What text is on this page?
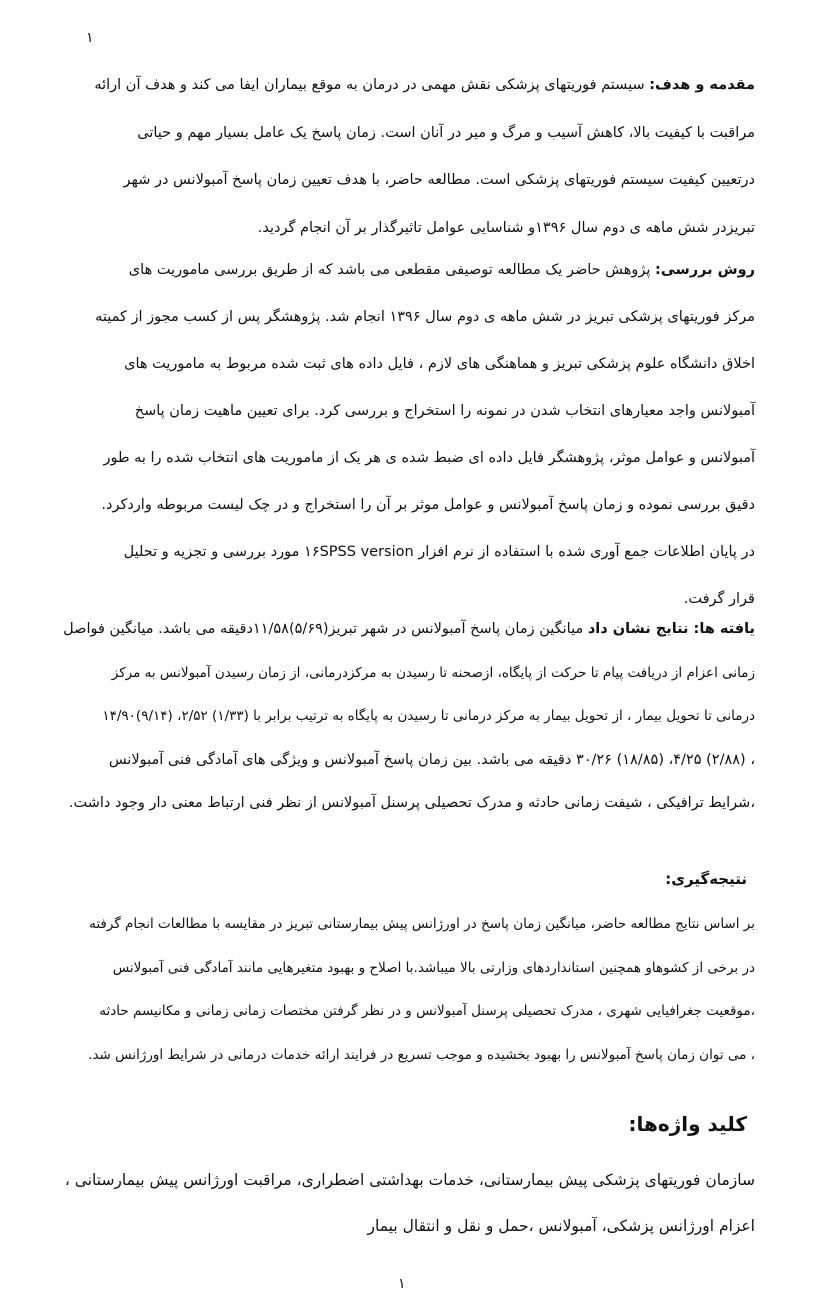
۱
مقدمه و هدف: سیستم فوریتهای پزشکی نقش مهمی در درمان به موقع بیماران ایفا می کند و هدف آن ارائه
مراقبت با کیفیت بالا، کاهش آسیب و مرگ و میر در آنان است. زمان پاسخ یک عامل بسیار مهم و حیاتی
درتعیین کیفیت سیستم فوریتهای پزشکی است. مطالعه حاضر، با هدف تعیین زمان پاسخ آمبولانس در شهر
تبریزدر شش ماهه ی دوم سال ۱۳۹۶و شناسایی عوامل تاثیرگذار بر آن انجام گردید.
روش بررسی: پژوهش حاضر یک مطالعه توصیفی مقطعی می باشد که از طریق بررسی ماموریت های
مرکز فوریتهای پزشکی تبریز در شش ماهه ی دوم سال ۱۳۹۶ انجام شد. پژوهشگر پس از کسب مجوز از کمیته
اخلاق دانشگاه علوم پزشکی تبریز و هماهنگی های لازم ، فایل داده های ثبت شده مربوط به ماموریت های
آمبولانس واجد معیارهای انتخاب شدن در نمونه را استخراج و بررسی کرد. برای تعیین ماهیت زمان پاسخ
آمبولانس و عوامل موثر، پژوهشگر فایل داده ای ضبط شده ی هر یک از ماموریت های انتخاب شده را به طور
دقیق بررسی نموده و زمان پاسخ آمبولانس و عوامل موثر بر آن را استخراج و در چک لیست مربوطه واردکرد.
در پایان اطلاعات جمع آوری شده با استفاده از نرم افزار ۱۶SPSS version مورد بررسی و تجزیه و تحلیل
قرار گرفت.
یافته ها: نتایج نشان داد میانگین زمان پاسخ آمبولانس در شهر تبریز(۵/۶۹)۱۱/۵۸دقیقه می باشد. میانگین فواصل
زمانی اعزام از دریافت پیام تا حرکت از پایگاه، ازصحنه تا رسیدن به مرکزدرمانی، از زمان رسیدن آمبولانس به مرکز
درمانی تا تحویل بیمار ، از تحویل بیمار به مرکز درمانی تا رسیدن به پایگاه به ترتیب برابر با (۱/۳۳) ۲/۵۲، (۹/۱۴)۱۴/۹۰
، (۲/۸۸) ۴/۲۵، (۱۸/۸۵) ۳۰/۲۶ دقیقه می باشد. بین زمان پاسخ آمبولانس و ویژگی های آمادگی فنی آمبولانس
،شرایط ترافیکی ، شیفت زمانی حادثه و مدرک تحصیلی پرسنل آمبولانس از نظر فنی ارتباط معنی دار وجود داشت.
نتیجه‌گیری:
بر اساس نتایج مطالعه حاضر، میانگین زمان پاسخ در اورژانس پیش بیمارستانی تبریز در مقایسه با مطالعات انجام گرفته
در برخی از کشوهاو همچنین استانداردهای وزارتی بالا میباشد.با اصلاح و بهبود متغیرهایی مانند آمادگی فنی آمبولانس
،موقعیت جغرافیایی شهری ، مدرک تحصیلی پرسنل آمبولانس و در نظر گرفتن مختصات زمانی زمانی و مکانیسم حادثه
، می توان زمان پاسخ آمبولانس را بهبود بخشیده و موجب تسریع در فرایند ارائه خدمات درمانی در شرایط اورژانس شد.
کلید واژه‌ها:
سازمان فوریتهای پزشکی پیش بیمارستانی، خدمات بهداشتی اضطراری، مراقبت اورژانس پیش بیمارستانی ،
اعزام اورژانس پزشکی، آمبولانس ،حمل و نقل و انتقال بیمار
۱
